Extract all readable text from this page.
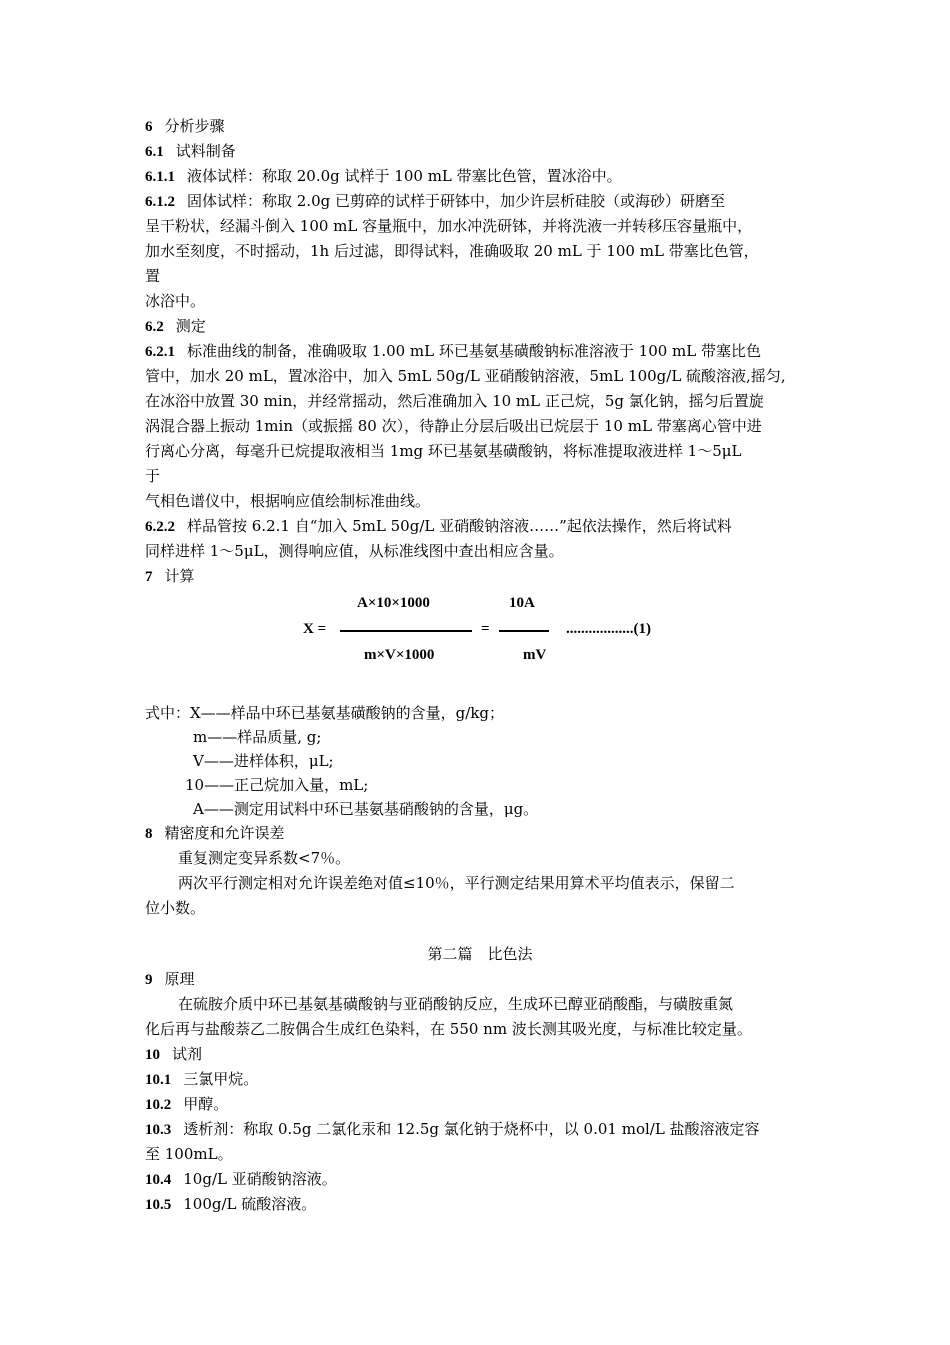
6 分析步骤
6.1 试料制备
6.1.1 液体试样：称取 20.0g 试样于 100 mL 带塞比色管，置冰浴中。
6.1.2 固体试样：称取 2.0g 已剪碎的试样于研钵中，加少许层析硅胶（或海砂）研磨至
呈干粉状，经漏斗倒入 100 mL 容量瓶中，加水冲洗研钵，并将洗液一并转移压容量瓶中，
加水至刻度，不时摇动，1h 后过滤，即得试料，准确吸取 20 mL 于 100 mL 带塞比色管，
置
冰浴中。
6.2 测定
6.2.1 标准曲线的制备，准确吸取 1.00 mL 环已基氨基磺酸钠标准溶液于 100 mL 带塞比色
管中，加水 20 mL，置冰浴中，加入 5mL 50g/L 亚硝酸钠溶液，5mL 100g/L 硫酸溶液,摇匀,
在冰浴中放置 30 min，并经常摇动，然后准确加入 10 mL 正己烷，5g 氯化钠，摇匀后置旋
涡混合器上振动 1min（或振摇 80 次），待静止分层后吸出已烷层于 10 mL 带塞离心管中进
行离心分离，每毫升已烷提取液相当 1mg 环已基氨基磺酸钠，将标准提取液进样 1～5μL
于
气相色谱仪中，根据响应值绘制标准曲线。
6.2.2 样品管按 6.2.1 自“加入 5mL 50g/L 亚硝酸钠溶液……”起依法操作，然后将试料
同样进样 1～5μL，测得响应值，从标准线图中查出相应含量。
7 计算
A×10×1000
X =	=
10A
..................(1)
m×V×1000	mV
式中：X——样品中环已基氨基磺酸钠的含量，g/kg；
m——样品质量, g;
V——进样体积，μL;
10——正己烷加入量，mL;
A——测定用试料中环已基氨基硝酸钠的含量，μg。
8 精密度和允许误差
重复测定变异系数<7％。
两次平行测定相对允许误差绝对值≤10％，平行测定结果用算术平均值表示，保留二
位小数。
第二篇　比色法
9 原理
在硫胺介质中环已基氨基磺酸钠与亚硝酸钠反应，生成环已醇亚硝酸酯，与磺胺重氮
化后再与盐酸萘乙二胺偶合生成红色染料，在 550 nm 波长测其吸光度，与标准比较定量。
10 试剂
10.1 三氯甲烷。
10.2 甲醇。
10.3 透析剂：称取 0.5g 二氯化汞和 12.5g 氯化钠于烧杯中，以 0.01 mol/L 盐酸溶液定容
至 100mL。
10.4 10g/L 亚硝酸钠溶液。
10.5 100g/L 硫酸溶液。
